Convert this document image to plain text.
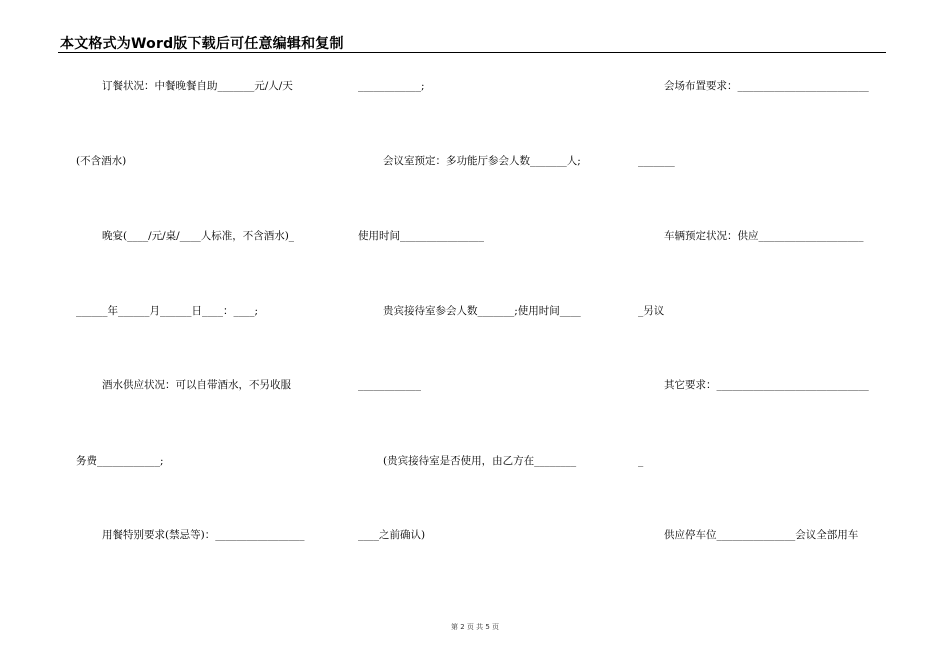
本文格式为Word版下载后可任意编辑和复制
订餐状况：中餐晚餐自助_______元/人/天	____________;	会场布置要求：_________________________
(不含酒水)	会议室预定：多功能厅参会人数_______人;	_______
晚宴(____/元/桌/____人标准，不含酒水)_	使用时间________________	车辆预定状况：供应____________________
______年______月______日____：____;	贵宾接待室参会人数_______;使用时间____	_另议
酒水供应状况：可以自带酒水，不另收服	____________	其它要求：_____________________________
务费____________;	(贵宾接待室是否使用，由乙方在________	_
用餐特别要求(禁忌等)：_________________	____之前确认)	供应停车位_______________会议全部用车
第 2 页 共 5 页
